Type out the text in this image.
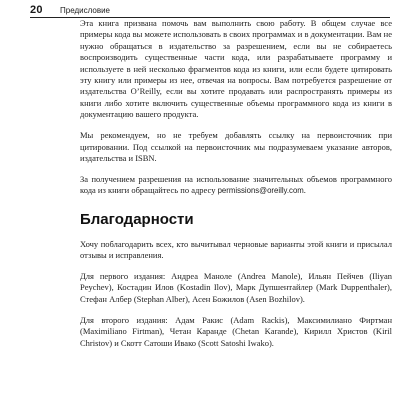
20	Предисловие

Эта книга призвана помочь вам выполнить свою работу. В общем случае все примеры кода вы можете использовать в своих программах и в документации. Вам не нужно обращаться в издательство за разрешением, если вы не собираетесь воспроизводить существенные части кода, или разрабатываете программу и используете в ней несколько фрагментов кода из книги, или если будете цитировать эту книгу или примеры из нее, отвечая на вопросы. Вам потребуется разрешение от издательства O’Reilly, если вы хотите продавать или распространять примеры из книги либо хотите включить существенные объемы программного кода из книги в документацию вашего продукта.

Мы рекомендуем, но не требуем добавлять ссылку на первоисточник при цитировании. Под ссылкой на первоисточник мы подразумеваем указание авторов, издательства и ISBN.

За получением разрешения на использование значительных объемов программного кода из книги обращайтесь по адресу permissions@oreilly.com.

Благодарности

Хочу поблагодарить всех, кто вычитывал черновые варианты этой книги и присылал отзывы и исправления.

Для первого издания: Андреа Маноле (Andrea Manole), Ильян Пейчев (Iliyan Peychev), Костадин Илов (Kostadin Ilov), Марк Дупшентайлер (Mark Duppenthaler), Стефан Албер (Stephan Alber), Асен Божилов (Asen Bozhilov).

Для второго издания: Адам Ракис (Adam Rackis), Максимилиано Фиртман (Maximiliano Firtman), Четан Каранде (Chetan Karande), Кирилл Христов (Kiril Christov) и Скотт Сатоши Ивако (Scott Satoshi Iwako).
